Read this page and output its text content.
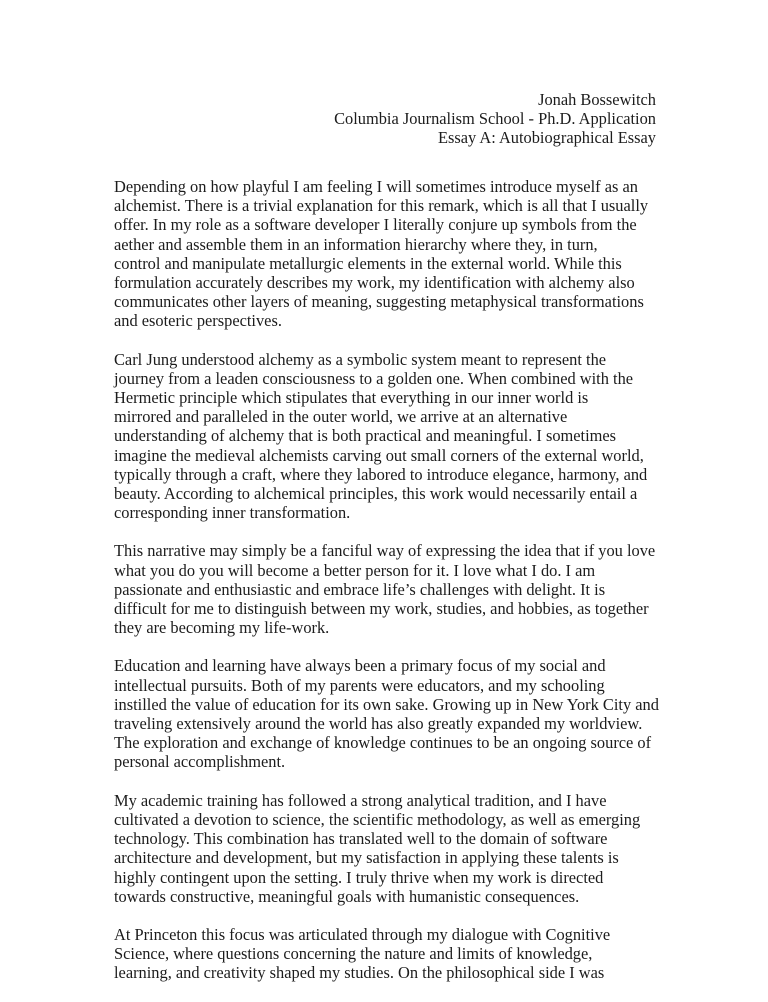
Jonah Bossewitch
Columbia Journalism School - Ph.D. Application
Essay A: Autobiographical Essay

Depending on how playful I am feeling I will sometimes introduce myself as an
alchemist. There is a trivial explanation for this remark, which is all that I usually
offer. In my role as a software developer I literally conjure up symbols from the
aether and assemble them in an information hierarchy where they, in turn,
control and manipulate metallurgic elements in the external world. While this
formulation accurately describes my work, my identification with alchemy also
communicates other layers of meaning, suggesting metaphysical transformations
and esoteric perspectives.

Carl Jung understood alchemy as a symbolic system meant to represent the
journey from a leaden consciousness to a golden one. When combined with the
Hermetic principle which stipulates that everything in our inner world is
mirrored and paralleled in the outer world, we arrive at an alternative
understanding of alchemy that is both practical and meaningful. I sometimes
imagine the medieval alchemists carving out small corners of the external world,
typically through a craft, where they labored to introduce elegance, harmony, and
beauty. According to alchemical principles, this work would necessarily entail a
corresponding inner transformation.

This narrative may simply be a fanciful way of expressing the idea that if you love
what you do you will become a better person for it. I love what I do. I am
passionate and enthusiastic and embrace life’s challenges with delight. It is
difficult for me to distinguish between my work, studies, and hobbies, as together
they are becoming my life-work.

Education and learning have always been a primary focus of my social and
intellectual pursuits. Both of my parents were educators, and my schooling
instilled the value of education for its own sake. Growing up in New York City and
traveling extensively around the world has also greatly expanded my worldview.
The exploration and exchange of knowledge continues to be an ongoing source of
personal accomplishment.

My academic training has followed a strong analytical tradition, and I have
cultivated a devotion to science, the scientific methodology, as well as emerging
technology. This combination has translated well to the domain of software
architecture and development, but my satisfaction in applying these talents is
highly contingent upon the setting. I truly thrive when my work is directed
towards constructive, meaningful goals with humanistic consequences.

At Princeton this focus was articulated through my dialogue with Cognitive
Science, where questions concerning the nature and limits of knowledge,
learning, and creativity shaped my studies. On the philosophical side I was
